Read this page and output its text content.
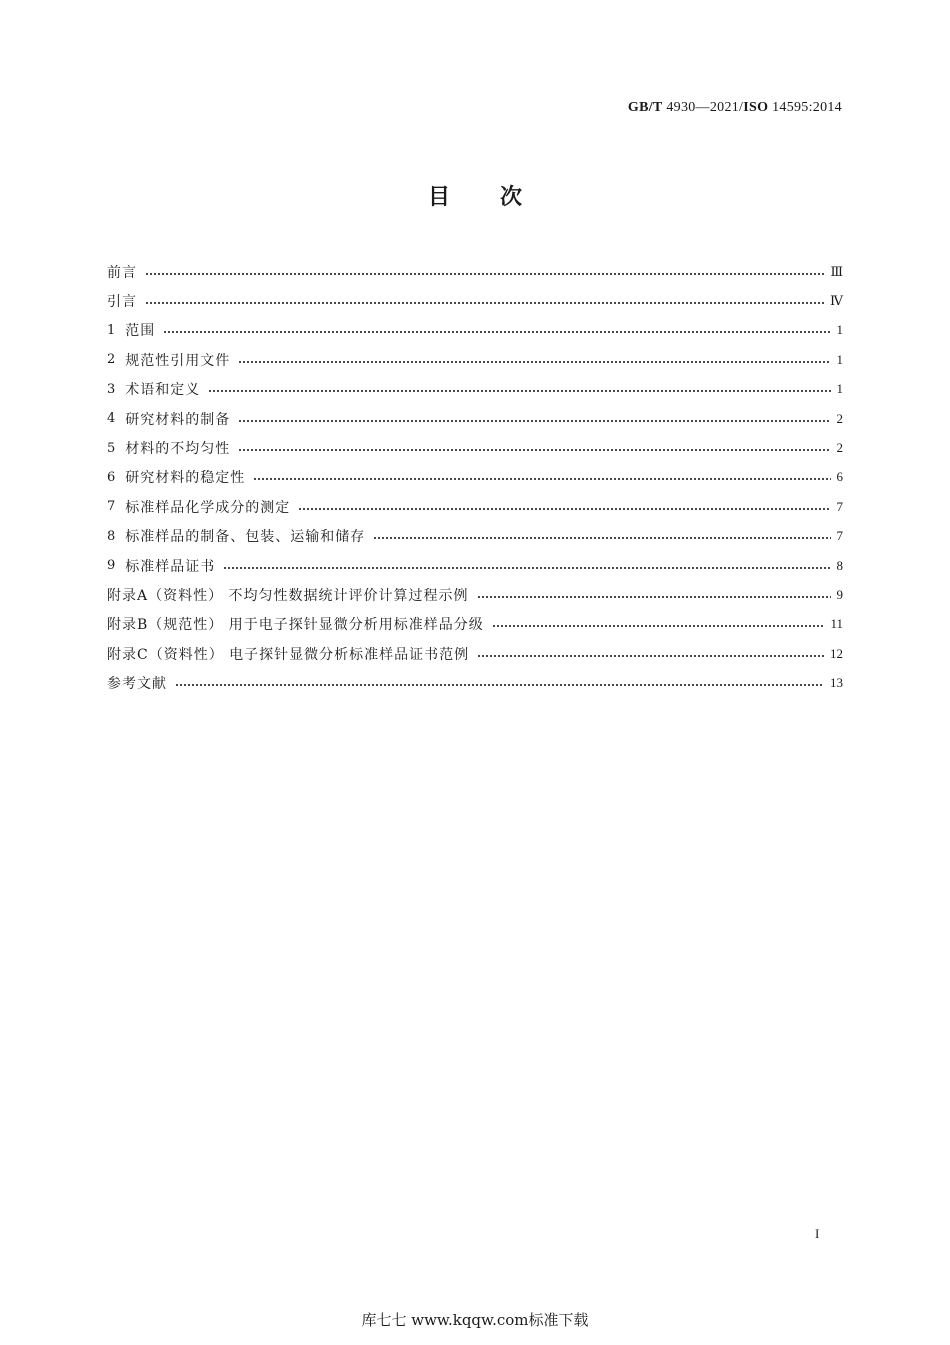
GB/T 4930—2021/ISO 14595:2014
目次
前言	Ⅲ
引言	Ⅳ
1 范围	1
2 规范性引用文件	1
3 术语和定义	1
4 研究材料的制备	2
5 材料的不均匀性	2
6 研究材料的稳定性	6
7 标准样品化学成分的测定	7
8 标准样品的制备、包装、运输和储存	7
9 标准样品证书	8
附录A（资料性） 不均匀性数据统计评价计算过程示例	9
附录B（规范性） 用于电子探针显微分析用标准样品分级	11
附录C（资料性） 电子探针显微分析标准样品证书范例	12
参考文献	13
I
库七七 www.kqqw.com标准下载
